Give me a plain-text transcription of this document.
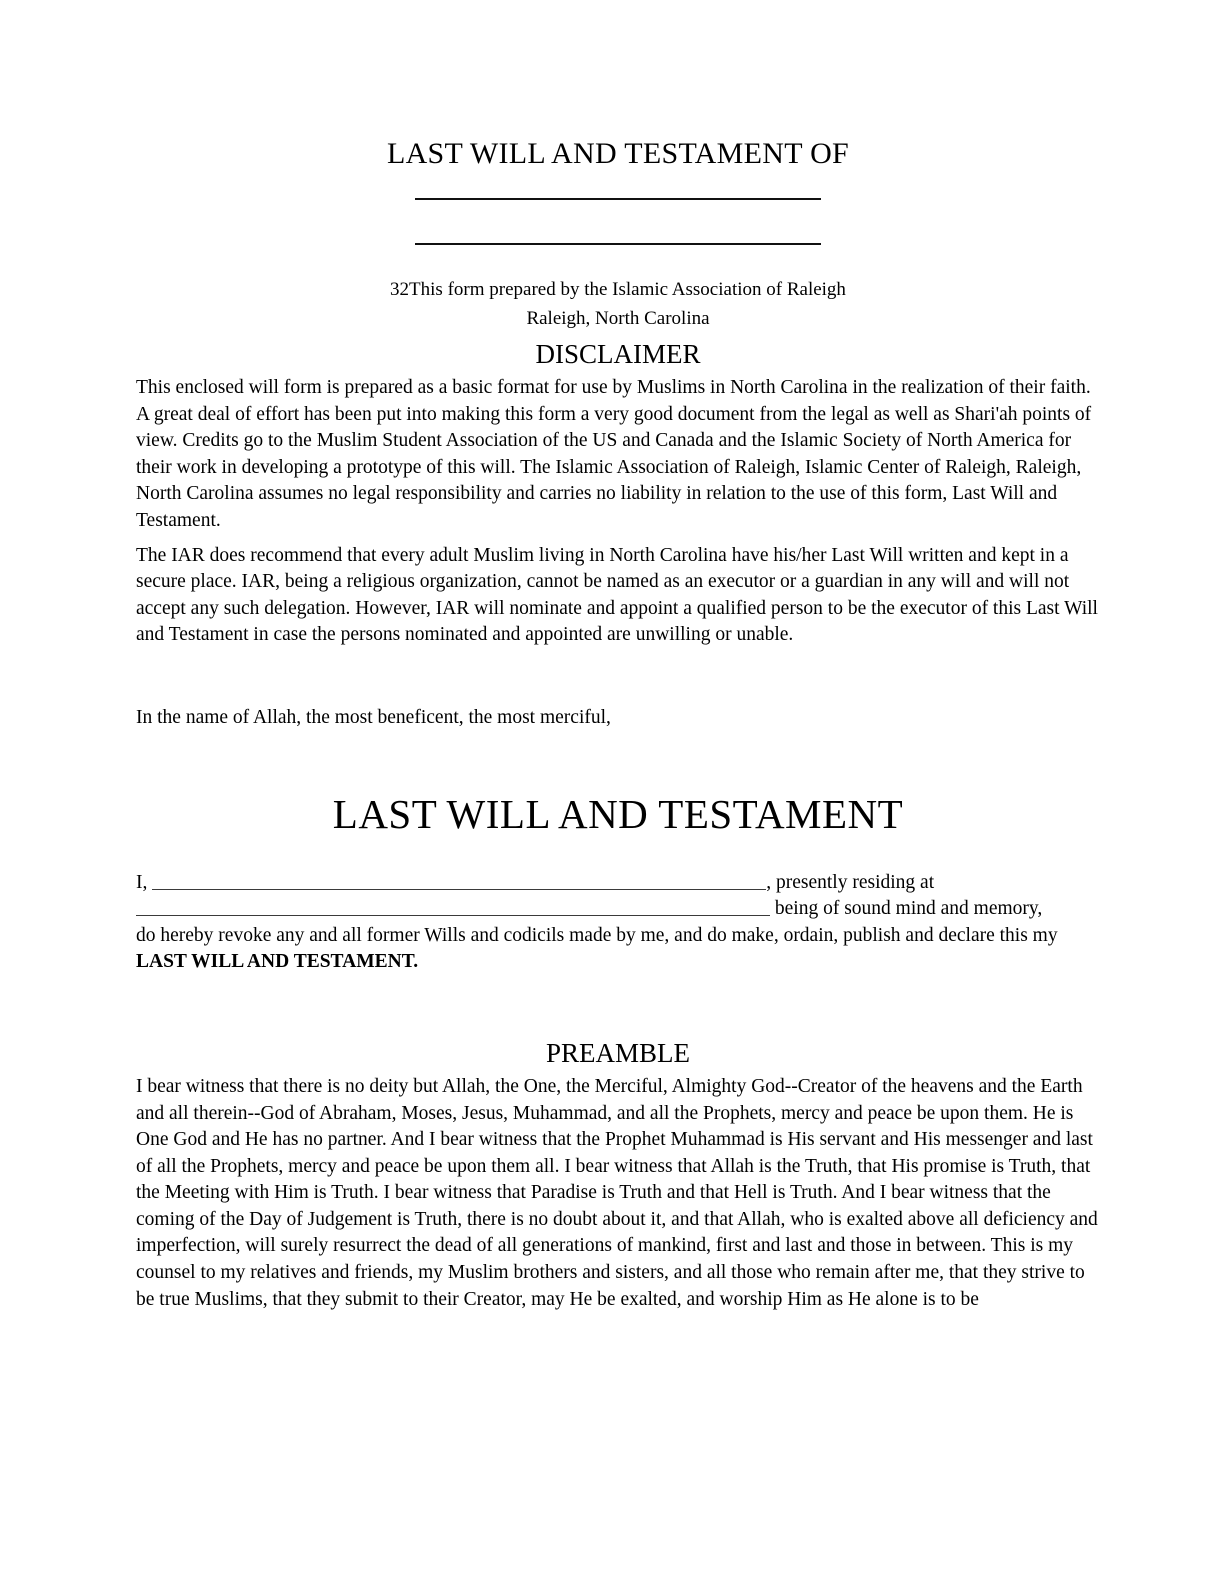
LAST WILL AND TESTAMENT OF

32This form prepared by the Islamic Association of Raleigh

Raleigh, North Carolina

DISCLAIMER

This enclosed will form is prepared as a basic format for use by Muslims in North Carolina in the realization of their faith. A great deal of effort has been put into making this form a very good document from the legal as well as Shari'ah points of view. Credits go to the Muslim Student Association of the US and Canada and the Islamic Society of North America for their work in developing a prototype of this will. The Islamic Association of Raleigh, Islamic Center of Raleigh, Raleigh, North Carolina assumes no legal responsibility and carries no liability in relation to the use of this form, Last Will and Testament.

The IAR does recommend that every adult Muslim living in North Carolina have his/her Last Will written and kept in a secure place. IAR, being a religious organization, cannot be named as an executor or a guardian in any will and will not accept any such delegation. However, IAR will nominate and appoint a qualified person to be the executor of this Last Will and Testament in case the persons nominated and appointed are unwilling or unable.

In the name of Allah, the most beneficent, the most merciful,

LAST WILL AND TESTAMENT

I,	, presently residing at

being of sound mind and memory,

do hereby revoke any and all former Wills and codicils made by me, and do make, ordain, publish and declare this my LAST WILL AND TESTAMENT.

PREAMBLE

I bear witness that there is no deity but Allah, the One, the Merciful, Almighty God--Creator of the heavens and the Earth and all therein--God of Abraham, Moses, Jesus, Muhammad, and all the Prophets, mercy and peace be upon them. He is One God and He has no partner. And I bear witness that the Prophet Muhammad is His servant and His messenger and last of all the Prophets, mercy and peace be upon them all. I bear witness that Allah is the Truth, that His promise is Truth, that the Meeting with Him is Truth. I bear witness that Paradise is Truth and that Hell is Truth. And I bear witness that the coming of the Day of Judgement is Truth, there is no doubt about it, and that Allah, who is exalted above all deficiency and imperfection, will surely resurrect the dead of all generations of mankind, first and last and those in between. This is my counsel to my relatives and friends, my Muslim brothers and sisters, and all those who remain after me, that they strive to be true Muslims, that they submit to their Creator, may He be exalted, and worship Him as He alone is to be
